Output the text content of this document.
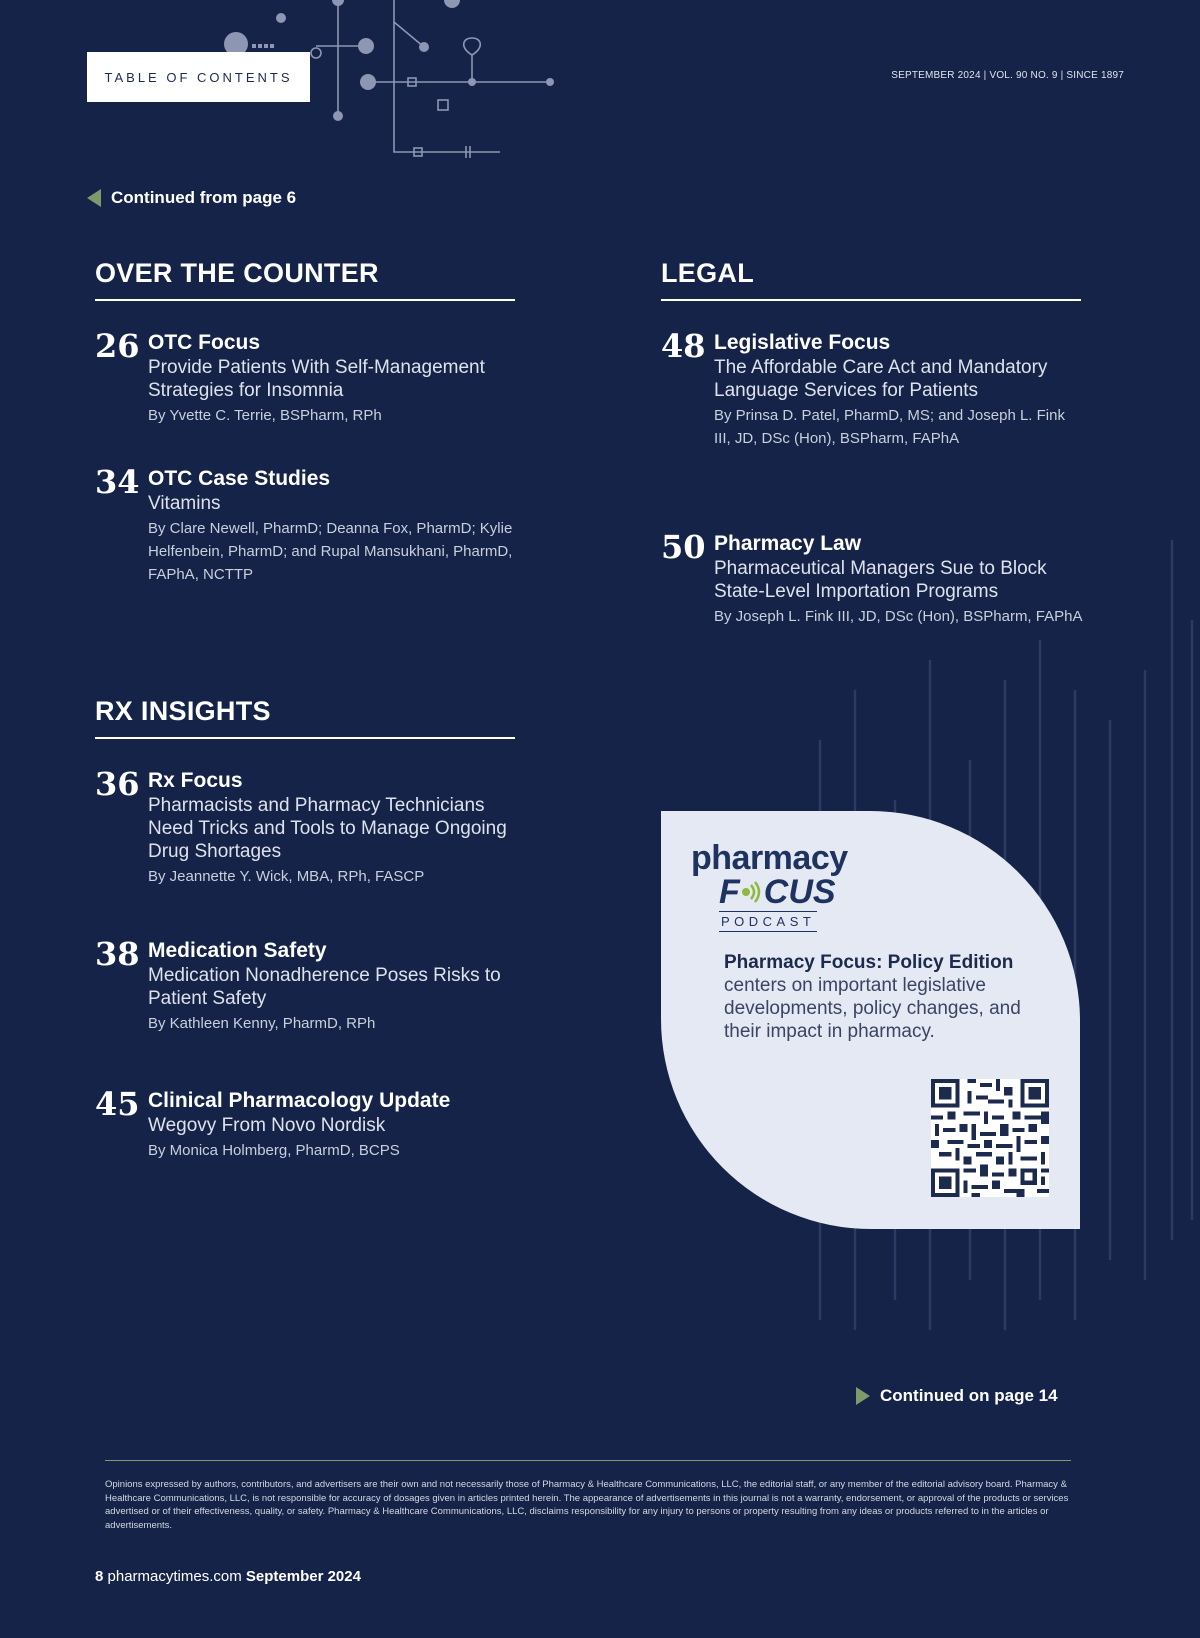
TABLE OF CONTENTS	SEPTEMBER 2024 | VOL. 90 NO. 9 | SINCE 1897
Continued from page 6
OVER THE COUNTER
26 OTC Focus
Provide Patients With Self-Management Strategies for Insomnia
By Yvette C. Terrie, BSPharm, RPh
34 OTC Case Studies
Vitamins
By Clare Newell, PharmD; Deanna Fox, PharmD; Kylie Helfenbein, PharmD; and Rupal Mansukhani, PharmD, FAPhA, NCTTP
LEGAL
48 Legislative Focus
The Affordable Care Act and Mandatory Language Services for Patients
By Prinsa D. Patel, PharmD, MS; and Joseph L. Fink III, JD, DSc (Hon), BSPharm, FAPhA
50 Pharmacy Law
Pharmaceutical Managers Sue to Block State-Level Importation Programs
By Joseph L. Fink III, JD, DSc (Hon), BSPharm, FAPhA
RX INSIGHTS
36 Rx Focus
Pharmacists and Pharmacy Technicians Need Tricks and Tools to Manage Ongoing Drug Shortages
By Jeannette Y. Wick, MBA, RPh, FASCP
38 Medication Safety
Medication Nonadherence Poses Risks to Patient Safety
By Kathleen Kenny, PharmD, RPh
45 Clinical Pharmacology Update
Wegovy From Novo Nordisk
By Monica Holmberg, PharmD, BCPS
pharmacy
F CUS
PODCAST
Pharmacy Focus: Policy Edition centers on important legislative developments, policy changes, and their impact in pharmacy.
Continued on page 14
Opinions expressed by authors, contributors, and advertisers are their own and not necessarily those of Pharmacy & Healthcare Communications, LLC, the editorial staff, or any member of the editorial advisory board. Pharmacy & Healthcare Communications, LLC, is not responsible for accuracy of dosages given in articles printed herein. The appearance of advertisements in this journal is not a warranty, endorsement, or approval of the products or services advertised or of their effectiveness, quality, or safety. Pharmacy & Healthcare Communications, LLC, disclaims responsibility for any injury to persons or property resulting from any ideas or products referred to in the articles or advertisements.
8 pharmacytimes.com September 2024
